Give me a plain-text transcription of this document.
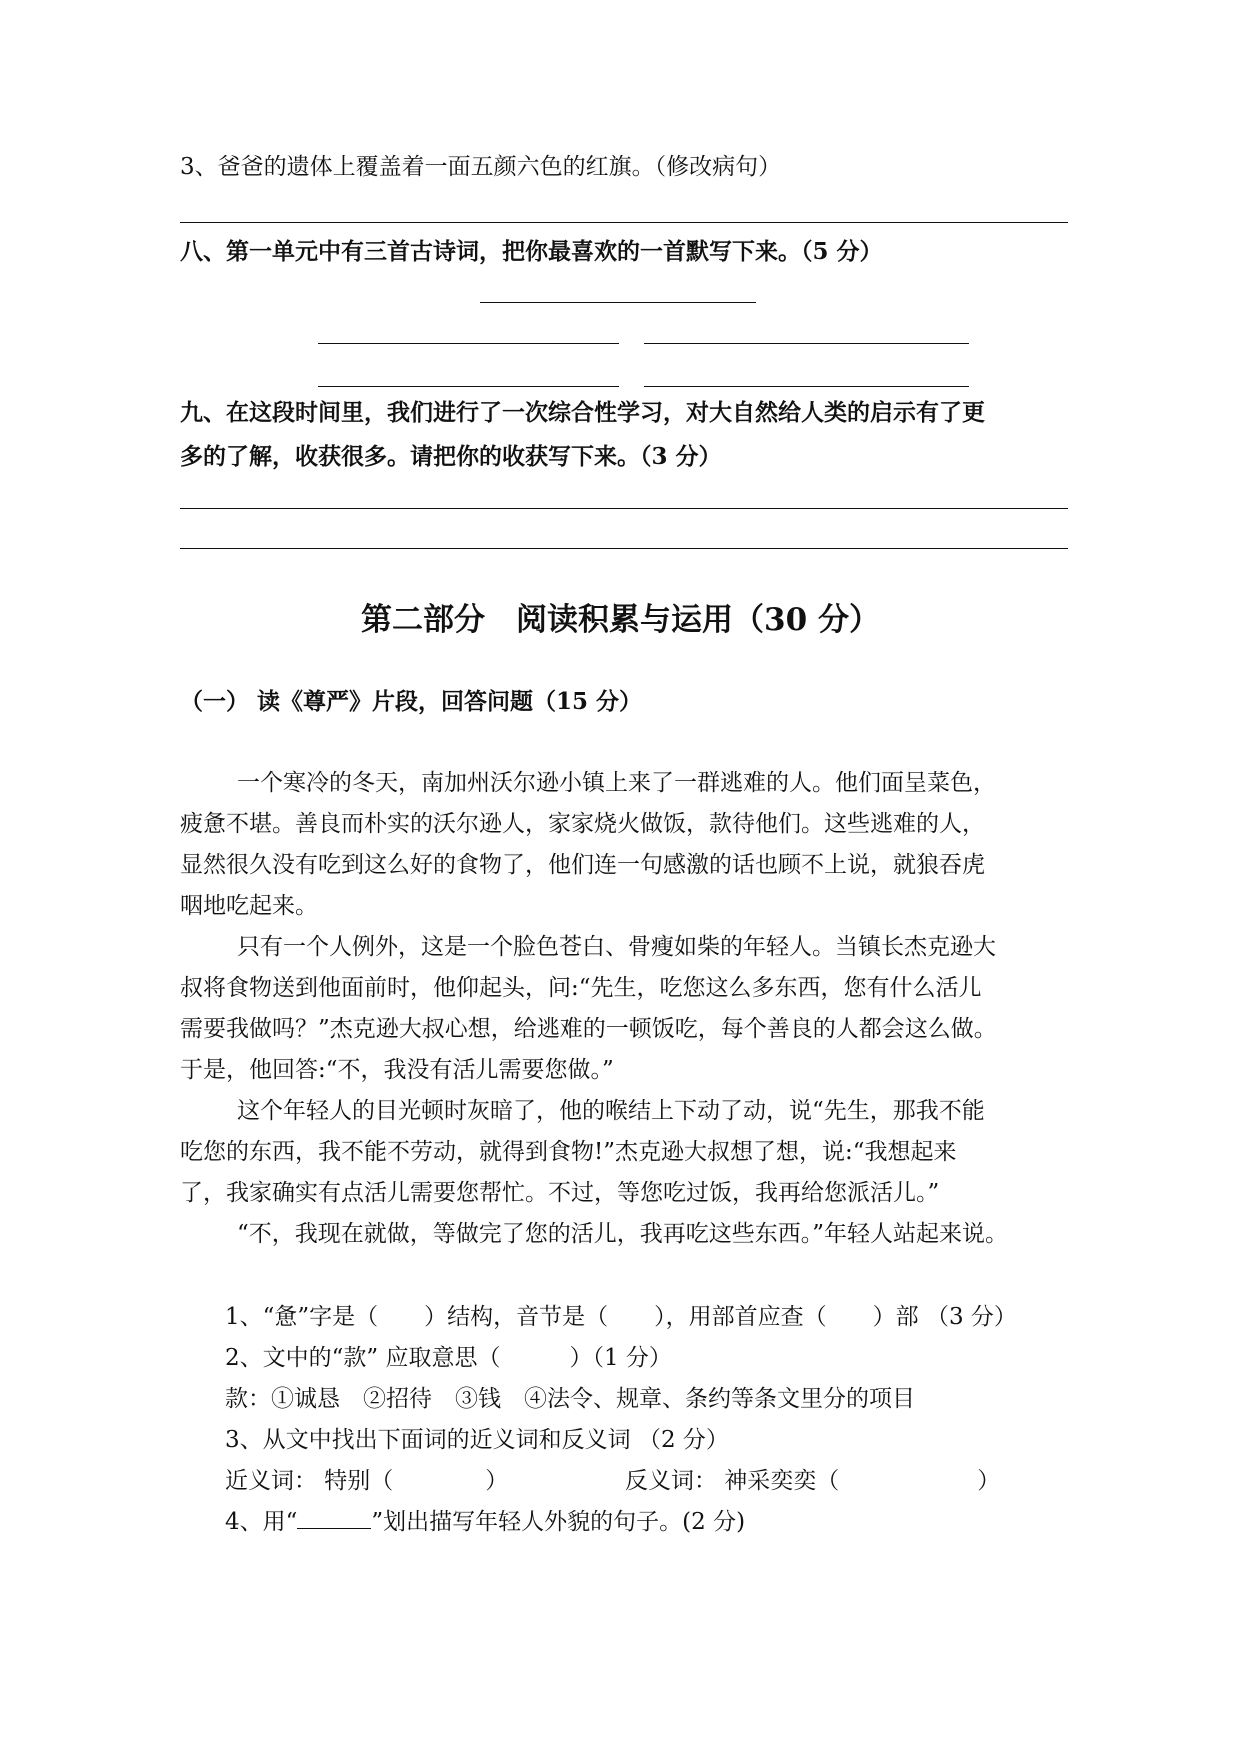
3、爸爸的遗体上覆盖着一面五颜六色的红旗。（修改病句）
八、第一单元中有三首古诗词，把你最喜欢的一首默写下来。（5 分）
九、在这段时间里，我们进行了一次综合性学习，对大自然给人类的启示有了更
多的了解，收获很多。请把你的收获写下来。（3 分）
第二部分　阅读积累与运用（30 分）
（一） 读《尊严》片段，回答问题（15 分）
一个寒冷的冬天，南加州沃尔逊小镇上来了一群逃难的人。他们面呈菜色，
疲惫不堪。善良而朴实的沃尔逊人，家家烧火做饭，款待他们。这些逃难的人，
显然很久没有吃到这么好的食物了，他们连一句感激的话也顾不上说，就狼吞虎
咽地吃起来。
只有一个人例外，这是一个脸色苍白、骨瘦如柴的年轻人。当镇长杰克逊大
叔将食物送到他面前时，他仰起头，问:“先生，吃您这么多东西，您有什么活儿
需要我做吗？”杰克逊大叔心想，给逃难的一顿饭吃，每个善良的人都会这么做。
于是，他回答:“不，我没有活儿需要您做。”
这个年轻人的目光顿时灰暗了，他的喉结上下动了动，说“先生，那我不能
吃您的东西，我不能不劳动，就得到食物!”杰克逊大叔想了想，说:“我想起来
了，我家确实有点活儿需要您帮忙。不过，等您吃过饭，我再给您派活儿。”
“不，我现在就做，等做完了您的活儿，我再吃这些东西。”年轻人站起来说。
1、“惫”字是（　　）结构，音节是（　　），用部首应查（　　）部 （3 分）
2、文中的“款” 应取意思（　　　）（1 分）
款：①诚恳　②招待　③钱　④法令、规章、条约等条文里分的项目
3、从文中找出下面词的近义词和反义词 （2 分）
近义词： 特别（　　　　）	反义词： 神采奕奕（　　　　　　）
4、用“	”划出描写年轻人外貌的句子。(2 分)
